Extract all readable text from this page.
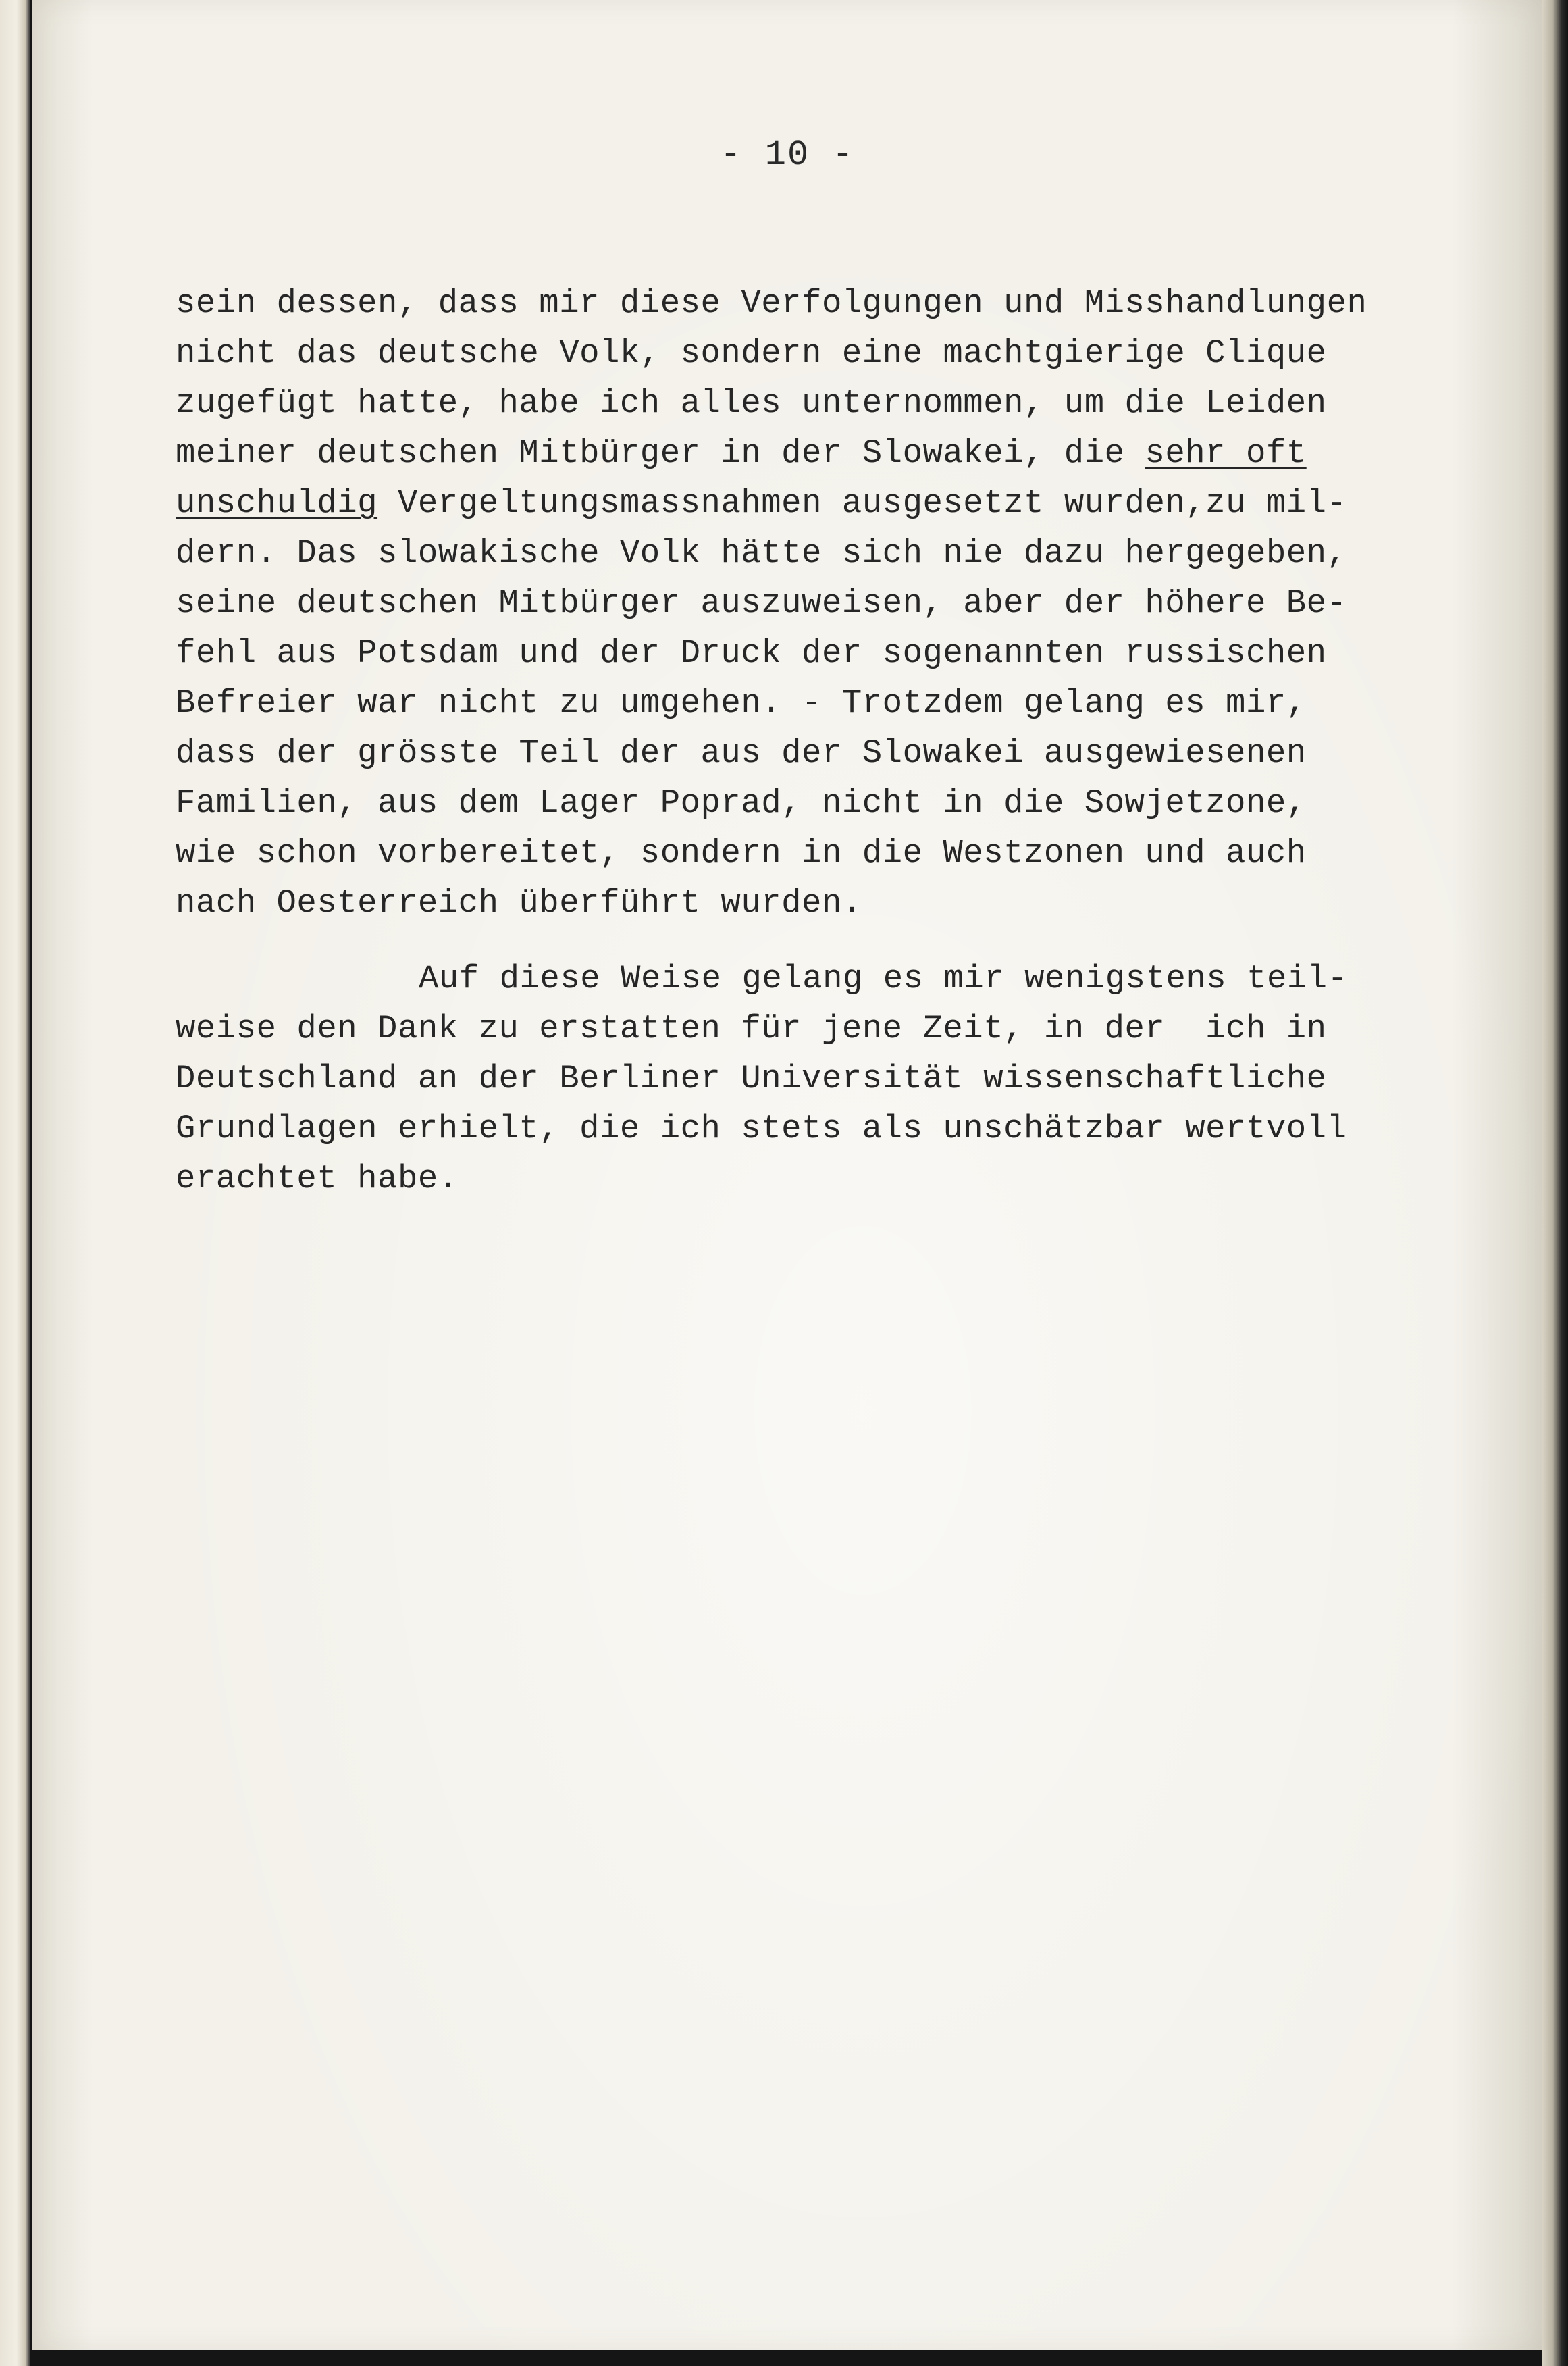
- 10 -
sein dessen, dass mir diese Verfolgungen und Misshandlungen
nicht das deutsche Volk, sondern eine machtgierige Clique
zugefügt hatte, habe ich alles unternommen, um die Leiden
meiner deutschen Mitbürger in der Slowakei, die sehr oft
unschuldig Vergeltungsmassnahmen ausgesetzt wurden,zu mil-
dern. Das slowakische Volk hätte sich nie dazu hergegeben,
seine deutschen Mitbürger auszuweisen, aber der höhere Be-
fehl aus Potsdam und der Druck der sogenannten russischen
Befreier war nicht zu umgehen. - Trotzdem gelang es mir,
dass der grösste Teil der aus der Slowakei ausgewiesenen
Familien, aus dem Lager Poprad, nicht in die Sowjetzone,
wie schon vorbereitet, sondern in die Westzonen und auch
nach Oesterreich überführt wurden.
Auf diese Weise gelang es mir wenigstens teil-
weise den Dank zu erstatten für jene Zeit, in der  ich in
Deutschland an der Berliner Universität wissenschaftliche
Grundlagen erhielt, die ich stets als unschätzbar wertvoll
erachtet habe.
